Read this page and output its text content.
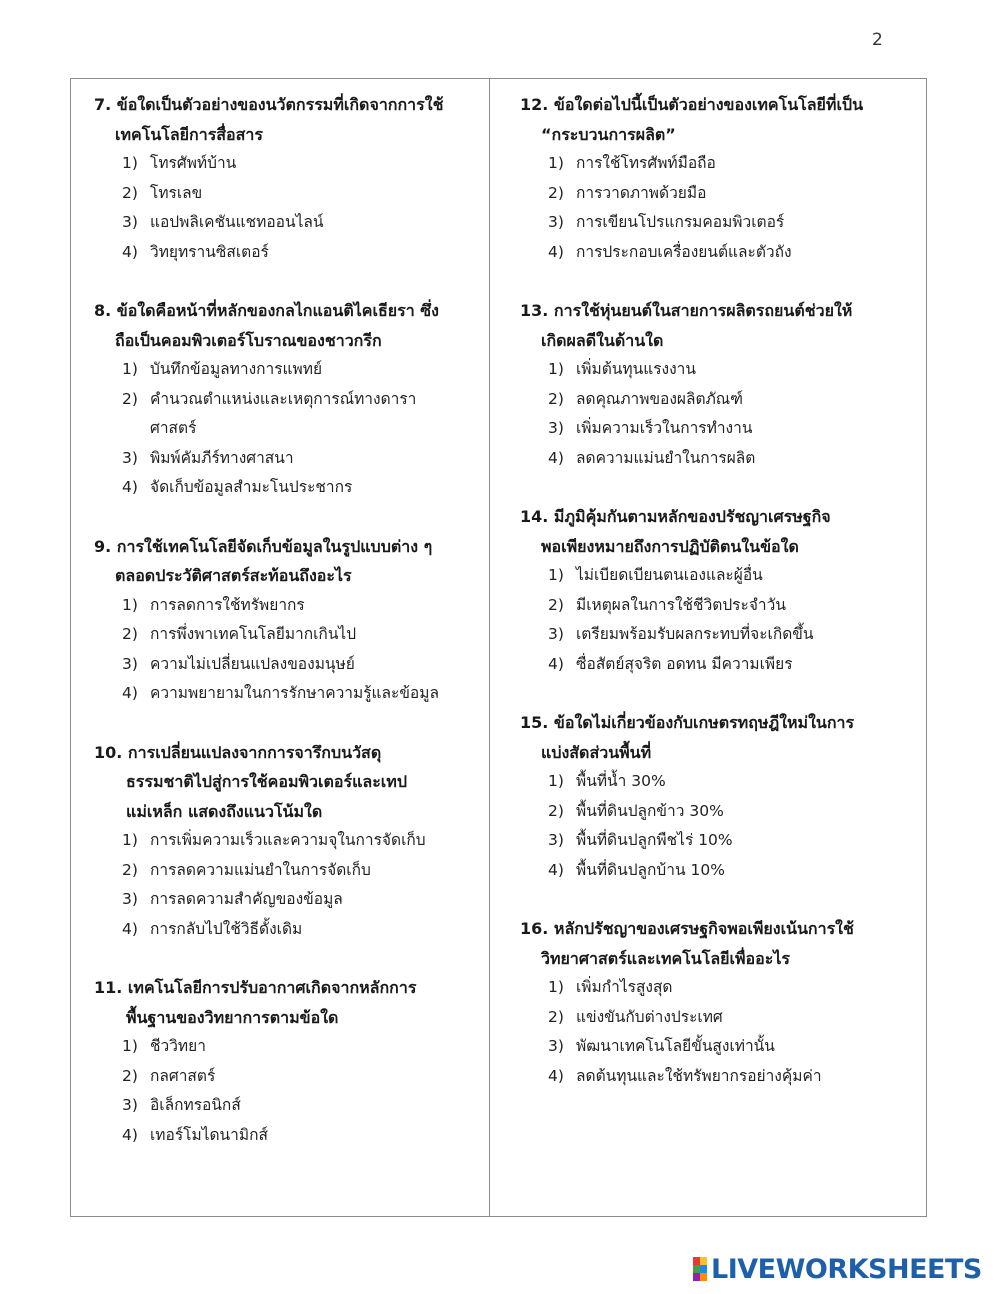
2
7. ข้อใดเป็นตัวอย่างของนวัตกรรมที่เกิดจากการใช้
เทคโนโลยีการสื่อสาร
1) โทรศัพท์บ้าน
2) โทรเลข
3) แอปพลิเคชันแชทออนไลน์
4) วิทยุทรานซิสเตอร์
8. ข้อใดคือหน้าที่หลักของกลไกแอนติไคเธียรา ซึ่ง
ถือเป็นคอมพิวเตอร์โบราณของชาวกรีก
1) บันทึกข้อมูลทางการแพทย์
2) คำนวณตำแหน่งและเหตุการณ์ทางดารา
ศาสตร์
3) พิมพ์คัมภีร์ทางศาสนา
4) จัดเก็บข้อมูลสำมะโนประชากร
9. การใช้เทคโนโลยีจัดเก็บข้อมูลในรูปแบบต่าง ๆ
ตลอดประวัติศาสตร์สะท้อนถึงอะไร
1) การลดการใช้ทรัพยากร
2) การพึ่งพาเทคโนโลยีมากเกินไป
3) ความไม่เปลี่ยนแปลงของมนุษย์
4) ความพยายามในการรักษาความรู้และข้อมูล
10. การเปลี่ยนแปลงจากการจารึกบนวัสดุ
ธรรมชาติไปสู่การใช้คอมพิวเตอร์และเทป
แม่เหล็ก แสดงถึงแนวโน้มใด
1) การเพิ่มความเร็วและความจุในการจัดเก็บ
2) การลดความแม่นยำในการจัดเก็บ
3) การลดความสำคัญของข้อมูล
4) การกลับไปใช้วิธีดั้งเดิม
11. เทคโนโลยีการปรับอากาศเกิดจากหลักการ
พื้นฐานของวิทยาการตามข้อใด
1) ชีววิทยา
2) กลศาสตร์
3) อิเล็กทรอนิกส์
4) เทอร์โมไดนามิกส์
12. ข้อใดต่อไปนี้เป็นตัวอย่างของเทคโนโลยีที่เป็น
“กระบวนการผลิต”
1) การใช้โทรศัพท์มือถือ
2) การวาดภาพด้วยมือ
3) การเขียนโปรแกรมคอมพิวเตอร์
4) การประกอบเครื่องยนต์และตัวถัง
13. การใช้หุ่นยนต์ในสายการผลิตรถยนต์ช่วยให้
เกิดผลดีในด้านใด
1) เพิ่มต้นทุนแรงงาน
2) ลดคุณภาพของผลิตภัณฑ์
3) เพิ่มความเร็วในการทำงาน
4) ลดความแม่นยำในการผลิต
14. มีภูมิคุ้มกันตามหลักของปรัชญาเศรษฐกิจ
พอเพียงหมายถึงการปฏิบัติตนในข้อใด
1) ไม่เบียดเบียนตนเองและผู้อื่น
2) มีเหตุผลในการใช้ชีวิตประจำวัน
3) เตรียมพร้อมรับผลกระทบที่จะเกิดขึ้น
4) ซื่อสัตย์สุจริต อดทน มีความเพียร
15. ข้อใดไม่เกี่ยวข้องกับเกษตรทฤษฎีใหม่ในการ
แบ่งสัดส่วนพื้นที่
1) พื้นที่น้ำ 30%
2) พื้นที่ดินปลูกข้าว 30%
3) พื้นที่ดินปลูกพืชไร่ 10%
4) พื้นที่ดินปลูกบ้าน 10%
16. หลักปรัชญาของเศรษฐกิจพอเพียงเน้นการใช้
วิทยาศาสตร์และเทคโนโลยีเพื่ออะไร
1) เพิ่มกำไรสูงสุด
2) แข่งขันกับต่างประเทศ
3) พัฒนาเทคโนโลยีขั้นสูงเท่านั้น
4) ลดต้นทุนและใช้ทรัพยากรอย่างคุ้มค่า
LIVEWORKSHEETS
